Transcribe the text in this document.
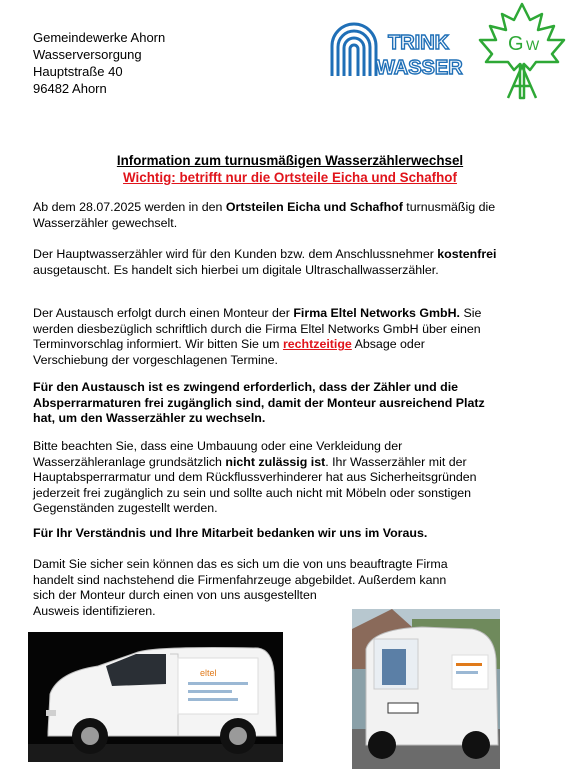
Gemeindewerke Ahorn
Wasserversorgung
Hauptstraße 40
96482 Ahorn
TRINK
WASSER
G W
Information zum turnusmäßigen Wasserzählerwechsel
Wichtig: betrifft nur die Ortsteile Eicha und Schafhof

Ab dem 28.07.2025 werden in den Ortsteilen Eicha und Schafhof turnusmäßig die Wasserzähler gewechselt.

Der Hauptwasserzähler wird für den Kunden bzw. dem Anschlussnehmer kostenfrei ausgetauscht. Es handelt sich hierbei um digitale Ultraschallwasserzähler.

Der Austausch erfolgt durch einen Monteur der Firma Eltel Networks GmbH. Sie werden diesbezüglich schriftlich durch die Firma Eltel Networks GmbH über einen Terminvorschlag informiert. Wir bitten Sie um rechtzeitige Absage oder Verschiebung der vorgeschlagenen Termine.

Für den Austausch ist es zwingend erforderlich, dass der Zähler und die Absperrarmaturen frei zugänglich sind, damit der Monteur ausreichend Platz hat, um den Wasserzähler zu wechseln.

Bitte beachten Sie, dass eine Umbauung oder eine Verkleidung der Wasserzähleranlage grundsätzlich nicht zulässig ist. Ihr Wasserzähler mit der Hauptabsperrarmatur und dem Rückflussverhinderer hat aus Sicherheitsgründen jederzeit frei zugänglich zu sein und sollte auch nicht mit Möbeln oder sonstigen Gegenständen zugestellt werden.

Für Ihr Verständnis und Ihre Mitarbeit bedanken wir uns im Voraus.

Damit Sie sicher sein können das es sich um die von uns beauftragte Firma

handelt sind nachstehend die Firmenfahrzeuge abgebildet. Außerdem kann

sich der Monteur durch einen von uns ausgestellten

Ausweis identifizieren.

eltel
